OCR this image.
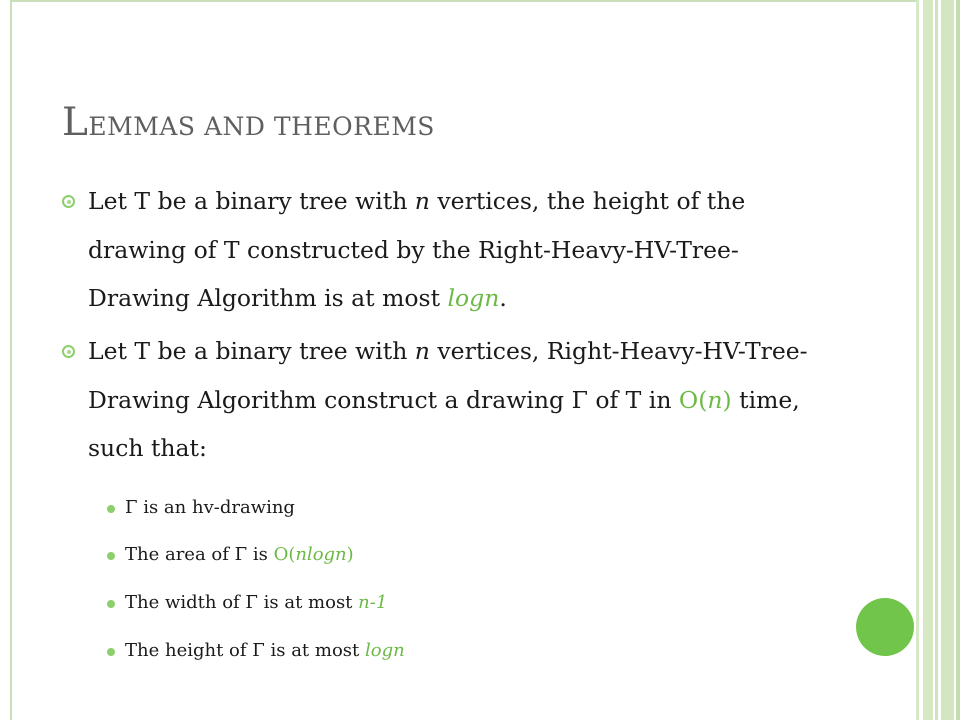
LEMMAS AND THEOREMS
Let T be a binary tree with n vertices, the height of the drawing of T constructed by the Right-Heavy-HV-Tree-Drawing Algorithm is at most logn.
Let T be a binary tree with n vertices, Right-Heavy-HV-Tree-Drawing Algorithm construct a drawing Γ of T in O(n) time, such that:
Γ is an hv-drawing
The area of Γ is O(nlogn)
The width of Γ is at most n-1
The height of Γ is at most logn
